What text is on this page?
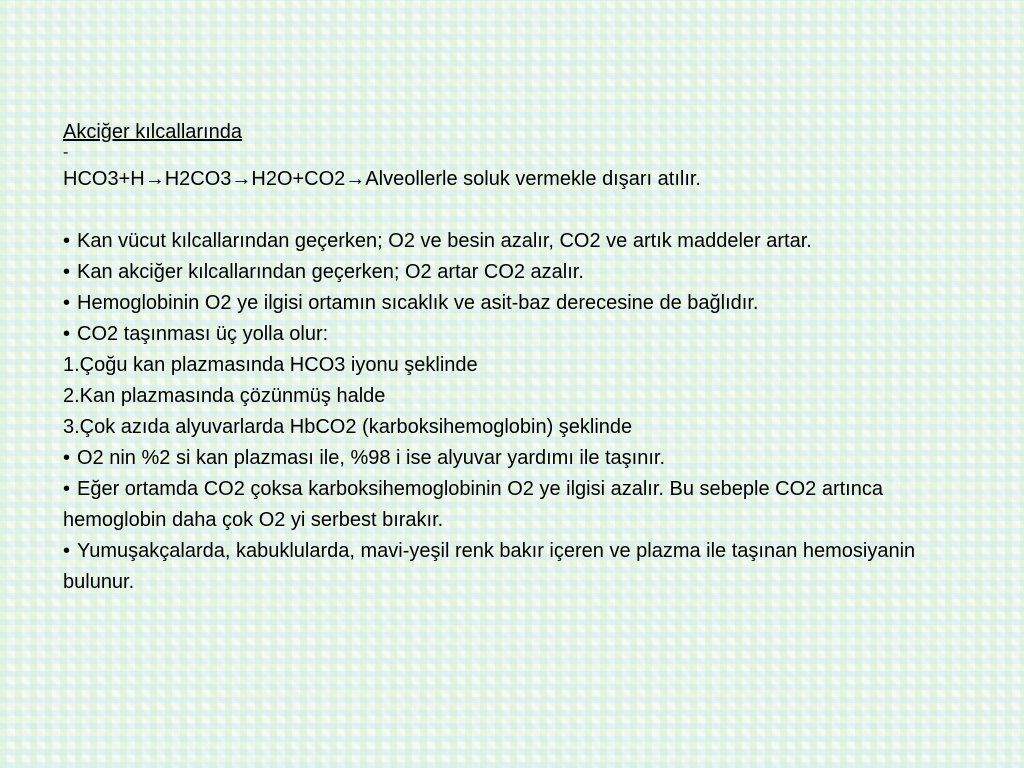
Akciğer kılcallarında
-
HCO3+H→H2CO3→H2O+CO2→Alveollerle soluk vermekle dışarı atılır.
• Kan vücut kılcallarından geçerken; O2 ve besin azalır, CO2 ve artık maddeler artar.
• Kan akciğer kılcallarından geçerken; O2 artar CO2 azalır.
• Hemoglobinin O2 ye ilgisi ortamın sıcaklık ve asit-baz derecesine de bağlıdır.
• CO2 taşınması üç yolla olur:
1.Çoğu kan plazmasında HCO3 iyonu şeklinde
2.Kan plazmasında çözünmüş halde
3.Çok azıda alyuvarlarda HbCO2 (karboksihemoglobin) şeklinde
• O2 nin %2 si kan plazması ile, %98 i ise alyuvar yardımı ile taşınır.
• Eğer ortamda CO2 çoksa karboksihemoglobinin O2 ye ilgisi azalır. Bu sebeple CO2 artınca hemoglobin daha çok O2 yi serbest bırakır.
• Yumuşakçalarda, kabuklularda, mavi-yeşil renk bakır içeren ve plazma ile taşınan hemosiyanin bulunur.
